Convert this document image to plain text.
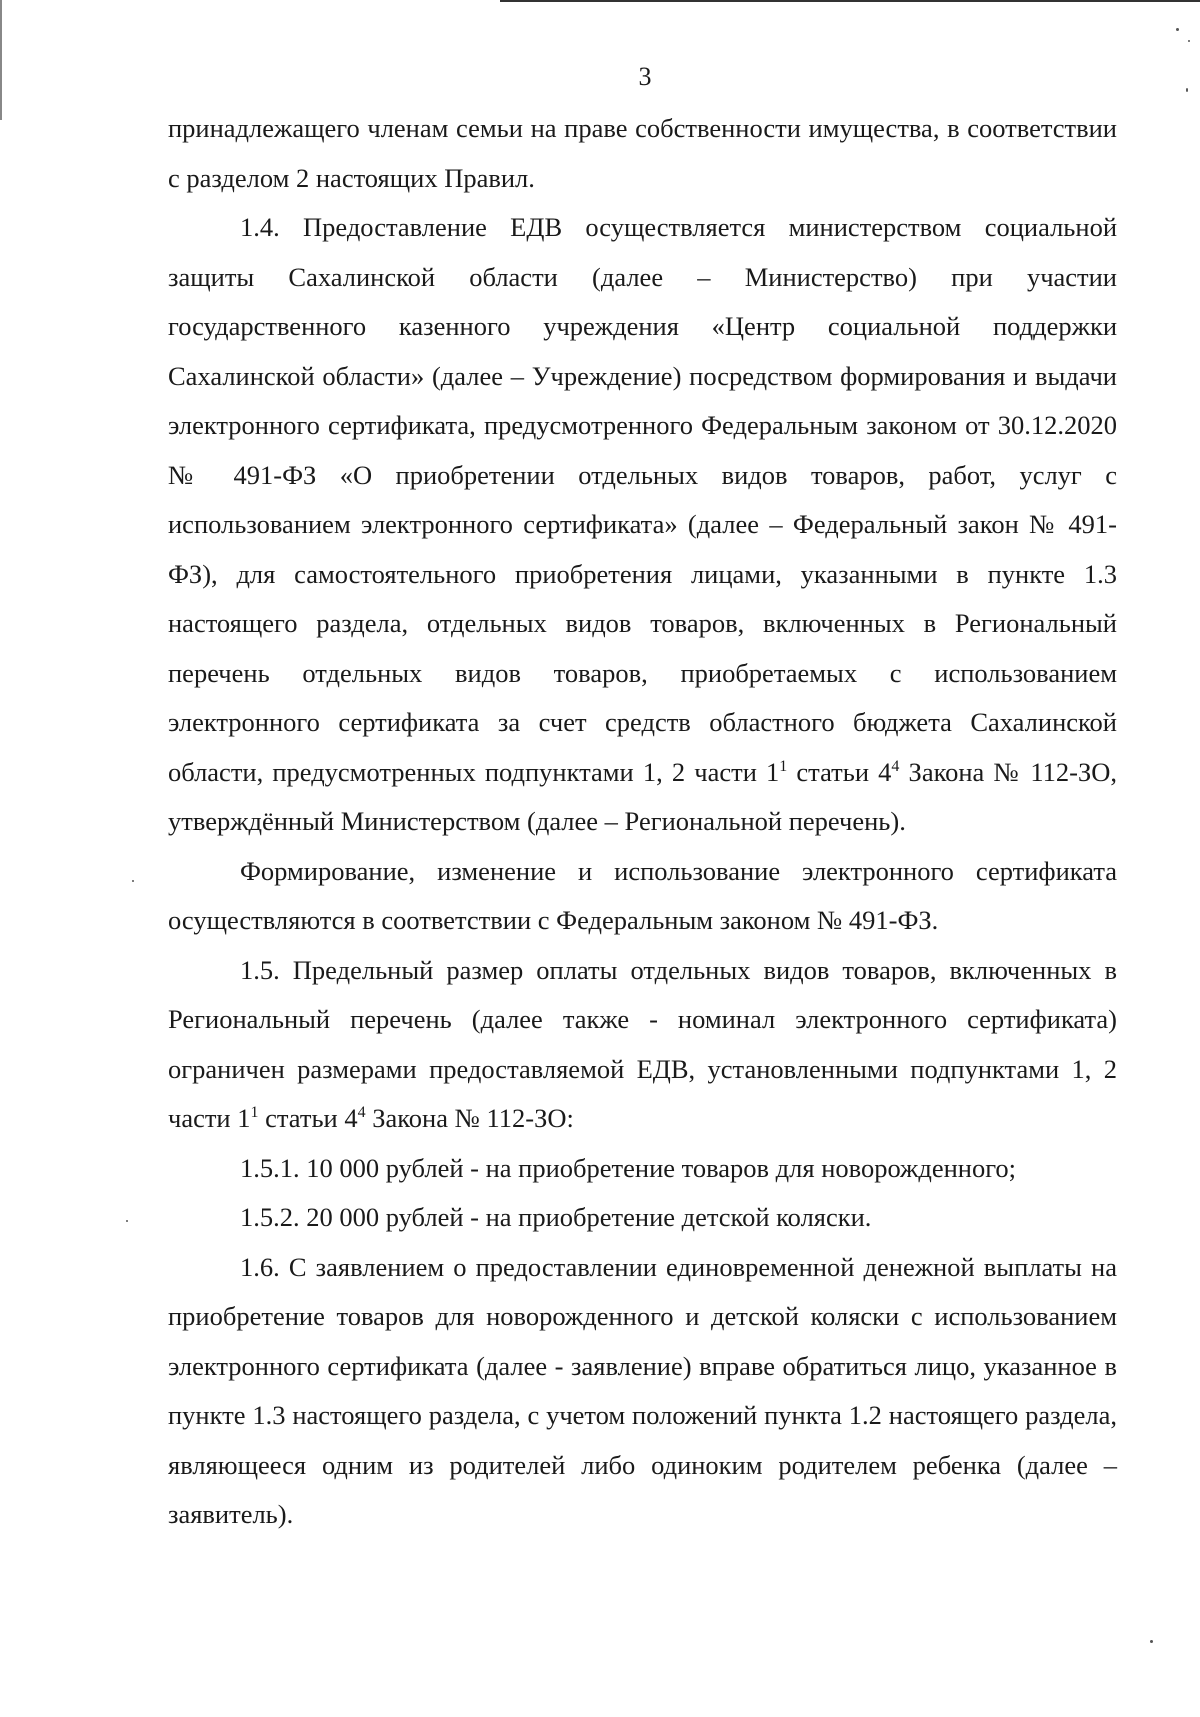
3

принадлежащего членам семьи на праве собственности имущества, в соответствии с разделом 2 настоящих Правил.

1.4. Предоставление ЕДВ осуществляется министерством социальной защиты Сахалинской области (далее – Министерство) при участии государственного казенного учреждения «Центр социальной поддержки Сахалинской области» (далее – Учреждение) посредством формирования и выдачи электронного сертификата, предусмотренного Федеральным законом от 30.12.2020 № 491-ФЗ «О приобретении отдельных видов товаров, работ, услуг с использованием электронного сертификата» (далее – Федеральный закон № 491-ФЗ), для самостоятельного приобретения лицами, указанными в пункте 1.3 настоящего раздела, отдельных видов товаров, включенных в Региональный перечень отдельных видов товаров, приобретаемых с использованием электронного сертификата за счет средств областного бюджета Сахалинской области, предусмотренных подпунктами 1, 2 части $1^1$ статьи $4^4$ Закона № 112-ЗО, утверждённый Министерством (далее – Региональной перечень).

Формирование, изменение и использование электронного сертификата осуществляются в соответствии с Федеральным законом № 491-ФЗ.

1.5. Предельный размер оплаты отдельных видов товаров, включенных в Региональный перечень (далее также - номинал электронного сертификата) ограничен размерами предоставляемой ЕДВ, установленными подпунктами 1, 2 части $1^1$ статьи $4^4$ Закона № 112-ЗО:

1.5.1. 10 000 рублей - на приобретение товаров для новорожденного;

1.5.2. 20 000 рублей - на приобретение детской коляски.

1.6. С заявлением о предоставлении единовременной денежной выплаты на приобретение товаров для новорожденного и детской коляски с использованием электронного сертификата (далее - заявление) вправе обратиться лицо, указанное в пункте 1.3 настоящего раздела, с учетом положений пункта 1.2 настоящего раздела, являющееся одним из родителей либо одиноким родителем ребенка (далее – заявитель).
